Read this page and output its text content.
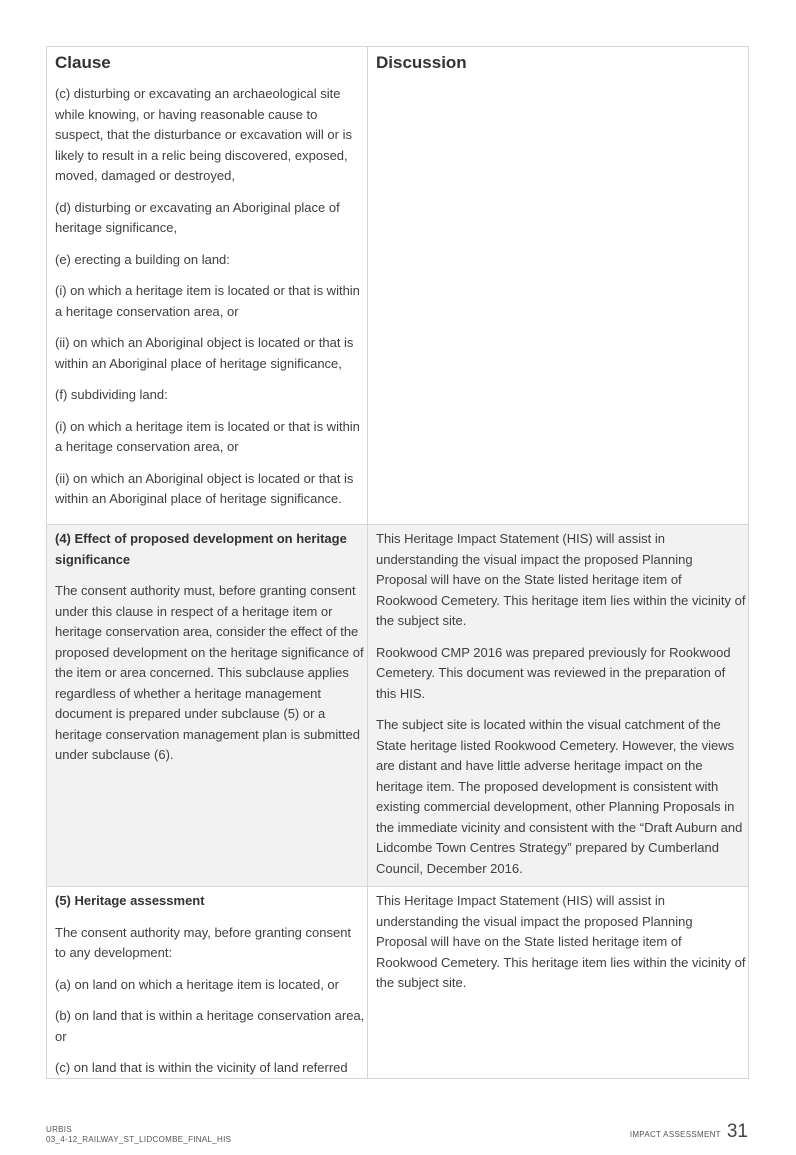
Clause

(c) disturbing or excavating an archaeological site while knowing, or having reasonable cause to suspect, that the disturbance or excavation will or is likely to result in a relic being discovered, exposed, moved, damaged or destroyed,

(d) disturbing or excavating an Aboriginal place of heritage significance,

(e) erecting a building on land:

(i) on which a heritage item is located or that is within a heritage conservation area, or

(ii) on which an Aboriginal object is located or that is within an Aboriginal place of heritage significance,

(f) subdividing land:

(i) on which a heritage item is located or that is within a heritage conservation area, or

(ii) on which an Aboriginal object is located or that is within an Aboriginal place of heritage significance.

Discussion

(4) Effect of proposed development on heritage significance

The consent authority must, before granting consent under this clause in respect of a heritage item or heritage conservation area, consider the effect of the proposed development on the heritage significance of the item or area concerned. This subclause applies regardless of whether a heritage management document is prepared under subclause (5) or a heritage conservation management plan is submitted under subclause (6).

This Heritage Impact Statement (HIS) will assist in understanding the visual impact the proposed Planning Proposal will have on the State listed heritage item of Rookwood Cemetery. This heritage item lies within the vicinity of the subject site.

Rookwood CMP 2016 was prepared previously for Rookwood Cemetery. This document was reviewed in the preparation of this HIS.

The subject site is located within the visual catchment of the State heritage listed Rookwood Cemetery. However, the views are distant and have little adverse heritage impact on the heritage item. The proposed development is consistent with existing commercial development, other Planning Proposals in the immediate vicinity and consistent with the “Draft Auburn and Lidcombe Town Centres Strategy” prepared by Cumberland Council, December 2016.

(5) Heritage assessment

The consent authority may, before granting consent to any development:

(a) on land on which a heritage item is located, or

(b) on land that is within a heritage conservation area, or

(c) on land that is within the vicinity of land referred

This Heritage Impact Statement (HIS) will assist in understanding the visual impact the proposed Planning Proposal will have on the State listed heritage item of Rookwood Cemetery. This heritage item lies within the vicinity of the subject site.

URBIS
03_4-12_RAILWAY_ST_LIDCOMBE_FINAL_HIS
IMPACT ASSESSMENT 31
